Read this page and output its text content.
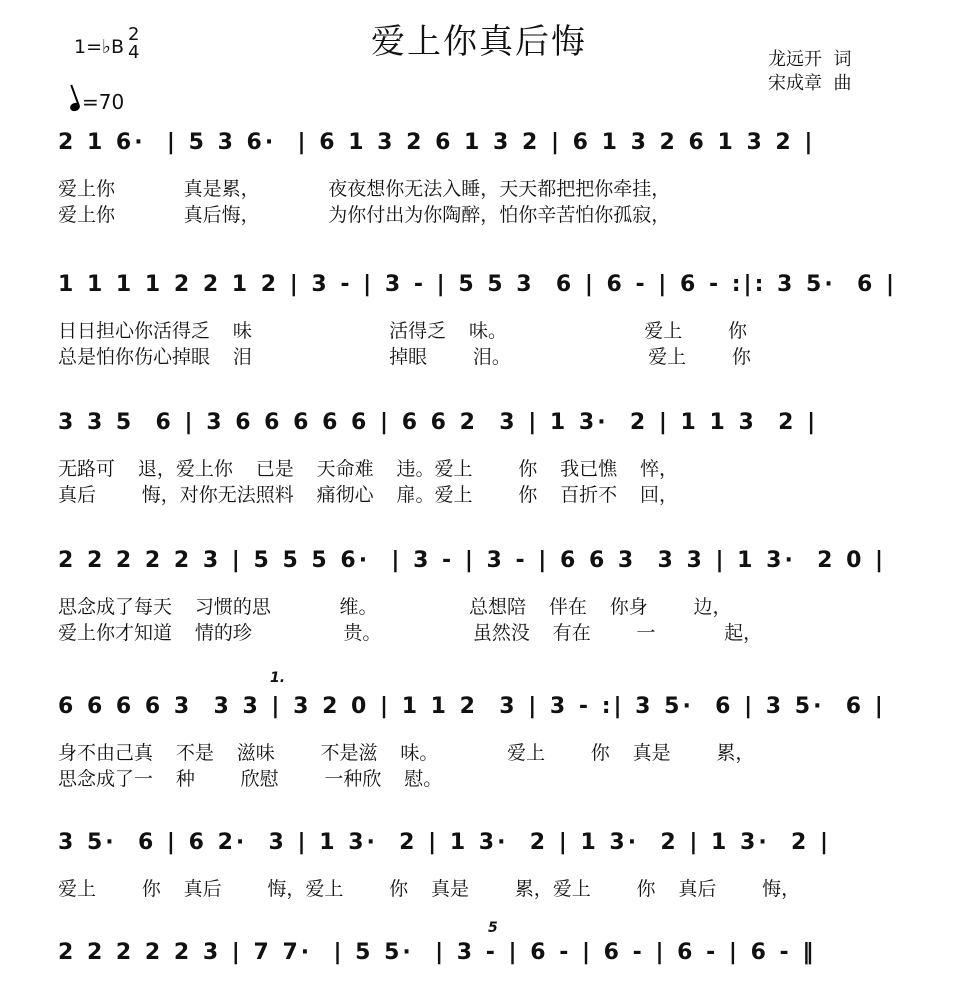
爱上你真后悔
1=♭B
2
4
=70
龙远开  词
宋成章  曲
2 1 6·  | 5 3 6·  | 6 1 3 2 6 1 3 2 | 6 1 3 2 6 1 3 2 |
爱上你      真是累，      夜夜想你无法入睡，天天都把把你牵挂，
爱上你      真后悔，      为你付出为你陶醉，怕你辛苦怕你孤寂，
1 1 1 1 2 2 1 2 | 3 - | 3 - | 5 5 3  6 | 6 - | 6 - :|: 3 5·  6 |
日日担心你活得乏  味            活得乏  味。            爱上    你
总是怕你伤心掉眼  泪            掉眼    泪。            爱上    你
3 3 5  6 | 3 6 6 6 6 6 | 6 6 2  3 | 1 3·  2 | 1 1 3  2 |
无路可  退，爱上你  已是  天命难  违。爱上    你  我已憔  悴，
真后    悔，对你无法照料  痛彻心  扉。爱上    你  百折不  回，
2 2 2 2 2 3 | 5 5 5 6·  | 3 - | 3 - | 6 6 3  3 3 | 1 3·  2 0 |
思念成了每天  习惯的思      维。        总想陪  伴在  你身    边，
爱上你才知道  情的珍        贵。        虽然没  有在    一      起，
1.
6 6 6 6 3  3 3 | 3 2 0 | 1 1 2  3 | 3 - :| 3 5·  6 | 3 5·  6 |
身不由己真  不是  滋味    不是滋  味。      爱上    你  真是    累，
思念成了一  种    欣慰    一种欣  慰。
3 5·  6 | 6 2·  3 | 1 3·  2 | 1 3·  2 | 1 3·  2 | 1 3·  2 |
爱上    你  真后    悔，爱上    你  真是    累，爱上    你  真后    悔，
5
2 2 2 2 2 3 | 7 7·  | 5 5·  | 3 - | 6 - | 6 - | 6 - | 6 - ‖
